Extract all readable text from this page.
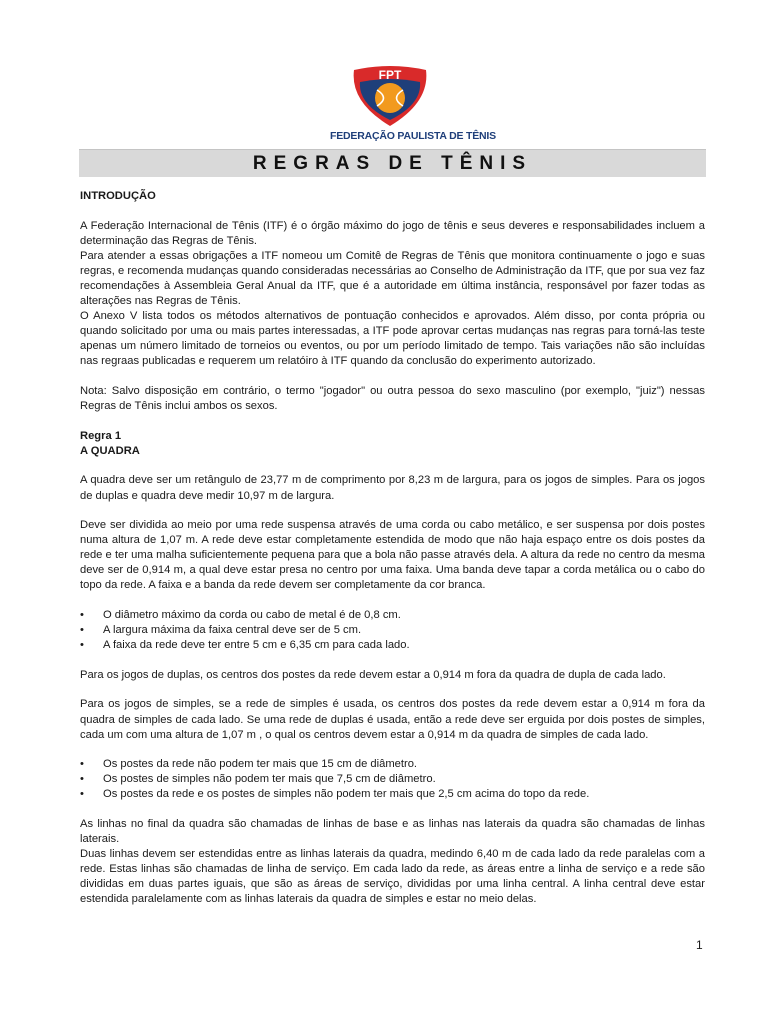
FPT
FEDERAÇÃO PAULISTA DE TÊNIS
REGRAS DE TÊNIS

INTRODUÇÃO

A Federação Internacional de Tênis (ITF) é o órgão máximo do jogo de tênis e seus deveres e responsabilidades incluem a determinação das Regras de Tênis.

Para atender a essas obrigações a ITF nomeou um Comitê de Regras de Tênis que monitora continuamente o jogo e suas regras, e recomenda mudanças quando consideradas necessárias ao Conselho de Administração da ITF, que por sua vez faz recomendações à Assembleia Geral Anual da ITF, que é a autoridade em última instância, responsável por fazer todas as alterações nas Regras de Tênis.

O Anexo V lista todos os métodos alternativos de pontuação conhecidos e aprovados. Além disso, por conta própria ou quando solicitado por uma ou mais partes interessadas, a ITF pode aprovar certas mudanças nas regras para torná-las teste apenas um número limitado de torneios ou eventos, ou por um período limitado de tempo. Tais variações não são incluídas nas regraas publicadas e requerem um relatóiro à ITF quando da conclusão do experimento autorizado.

Nota: Salvo disposição em contrário, o termo "jogador" ou outra pessoa do sexo masculino (por exemplo, "juiz") nessas Regras de Tênis inclui ambos os sexos.

Regra 1

A QUADRA

A quadra deve ser um retângulo de 23,77 m de comprimento por 8,23 m de largura, para os jogos de simples. Para os jogos de duplas e quadra deve medir 10,97 m de largura.

Deve ser dividida ao meio por uma rede suspensa através de uma corda ou cabo metálico, e ser suspensa por dois postes numa altura de 1,07 m. A rede deve estar completamente estendida de modo que não haja espaço entre os dois postes da rede e ter uma malha suficientemente pequena para que a bola não passe através dela. A altura da rede no centro da mesma deve ser de 0,914 m, a qual deve estar presa no centro por uma faixa. Uma banda deve tapar a corda metálica ou o cabo do topo da rede. A faixa e a banda da rede devem ser completamente da cor branca.

• O diâmetro máximo da corda ou cabo de metal é de 0,8 cm.
• A largura máxima da faixa central deve ser de 5 cm.
• A faixa da rede deve ter entre 5 cm e 6,35 cm para cada lado.

Para os jogos de duplas, os centros dos postes da rede devem estar a 0,914 m fora da quadra de dupla de cada lado.

Para os jogos de simples, se a rede de simples é usada, os centros dos postes da rede devem estar a 0,914 m fora da quadra de simples de cada lado. Se uma rede de duplas é usada, então a rede deve ser erguida por dois postes de simples, cada um com uma altura de 1,07 m , o qual os centros devem estar a 0,914 m da quadra de simples de cada lado.

• Os postes da rede não podem ter mais que 15 cm de diâmetro.
• Os postes de simples não podem ter mais que 7,5 cm de diâmetro.
• Os postes da rede e os postes de simples não podem ter mais que 2,5 cm acima do topo da rede.

As linhas no final da quadra são chamadas de linhas de base e as linhas nas laterais da quadra são chamadas de linhas laterais.

Duas linhas devem ser estendidas entre as linhas laterais da quadra, medindo 6,40 m de cada lado da rede paralelas com a rede. Estas linhas são chamadas de linha de serviço. Em cada lado da rede, as áreas entre a linha de serviço e a rede são divididas em duas partes iguais, que são as áreas de serviço, divididas por uma linha central. A linha central deve estar estendida paralelamente com as linhas laterais da quadra de simples e estar no meio delas.

1
